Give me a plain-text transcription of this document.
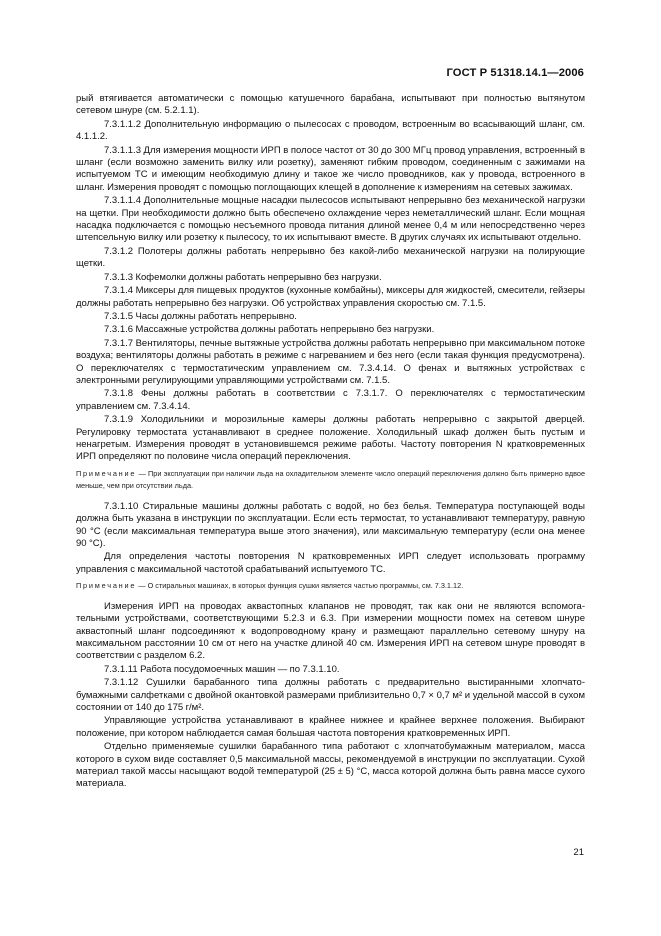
ГОСТ Р 51318.14.1—2006

рый втягивается автоматически с помощью катушечного барабана, испытывают при полностью вытянутом сетевом шнуре (см. 5.2.1.1).

7.3.1.1.2 Дополнительную информацию о пылесосах с проводом, встроенным во всасывающий шланг, см. 4.1.1.2.

7.3.1.1.3 Для измерения мощности ИРП в полосе частот от 30 до 300 МГц провод управления, встроенный в шланг (если возможно заменить вилку или розетку), заменяют гибким проводом, соединенным с зажимами на испытуемом ТС и имеющим необходимую длину и такое же число проводников, как у провода, встроенного в шланг. Измерения проводят с помощью поглощающих клещей в дополнение к измерениям на сетевых зажимах.

7.3.1.1.4 Дополнительные мощные насадки пылесосов испытывают непрерывно без механической нагрузки на щетки. При необходимости должно быть обеспечено охлаждение через неметаллический шланг. Если мощная насадка подключается с помощью несъемного провода питания длиной менее 0,4 м или непосредственно через штепсельную вилку или розетку к пылесосу, то их испытывают вместе. В других случаях их испытывают отдельно.

7.3.1.2 Полотеры должны работать непрерывно без какой-либо механической нагрузки на полирующие щетки.

7.3.1.3 Кофемолки должны работать непрерывно без нагрузки.

7.3.1.4 Миксеры для пищевых продуктов (кухонные комбайны), миксеры для жидкостей, смесители, гейзеры должны работать непрерывно без нагрузки. Об устройствах управления скоростью см. 7.1.5.

7.3.1.5 Часы должны работать непрерывно.

7.3.1.6 Массажные устройства должны работать непрерывно без нагрузки.

7.3.1.7 Вентиляторы, печные вытяжные устройства должны работать непрерывно при максимальном потоке воздуха; вентиляторы должны работать в режиме с нагреванием и без него (если такая функция предусмотрена). О переключателях с термостатическим управлением см. 7.3.4.14. О фенах и вытяжных устройствах с электронными регулирующими управляющими устройствами см. 7.1.5.

7.3.1.8 Фены должны работать в соответствии с 7.3.1.7. О переключателях с термостатическим управлением см. 7.3.4.14.

7.3.1.9 Холодильники и морозильные камеры должны работать непрерывно с закрытой дверцей. Регулировку термостата устанавливают в среднее положение. Холодильный шкаф должен быть пустым и ненагретым. Измерения проводят в установившемся режиме работы. Частоту повторения N кратковременных ИРП определяют по половине числа операций переключения.

Примечание — При эксплуатации при наличии льда на охладительном элементе число операций переключения должно быть примерно вдвое меньше, чем при отсутствии льда.

7.3.1.10 Стиральные машины должны работать с водой, но без белья. Температура поступающей воды должна быть указана в инструкции по эксплуатации. Если есть термостат, то устанавливают температуру, равную 90 °С (если максимальная температура выше этого значения), или максимальную температуру (если она менее 90 °С).

Для определения частоты повторения N кратковременных ИРП следует использовать программу управления с максимальной частотой срабатываний испытуемого ТС.

Примечание — О стиральных машинах, в которых функция сушки является частью программы, см. 7.3.1.12.

Измерения ИРП на проводах аквастопных клапанов не проводят, так как они не являются вспомогательными устройствами, соответствующими 5.2.3 и 6.3. При измерении мощности помех на сетевом шнуре аквастопный шланг подсоединяют к водопроводному крану и размещают параллельно сетевому шнуру на максимальном расстоянии 10 см от него на участке длиной 40 см. Измерения ИРП на сетевом шнуре проводят в соответствии с разделом 6.2.

7.3.1.11 Работа посудомоечных машин — по 7.3.1.10.

7.3.1.12 Сушилки барабанного типа должны работать с предварительно выстиранными хлопчатобумажными салфетками с двойной окантовкой размерами приблизительно 0,7 × 0,7 м² и удельной массой в сухом состоянии от 140 до 175 г/м².

Управляющие устройства устанавливают в крайнее нижнее и крайнее верхнее положения. Выбирают положение, при котором наблюдается самая большая частота повторения кратковременных ИРП.

Отдельно применяемые сушилки барабанного типа работают с хлопчатобумажным материалом, масса которого в сухом виде составляет 0,5 максимальной массы, рекомендуемой в инструкции по эксплуатации. Сухой материал такой массы насыщают водой температурой (25 ± 5) °С, масса которой должна быть равна массе сухого материала.

21
